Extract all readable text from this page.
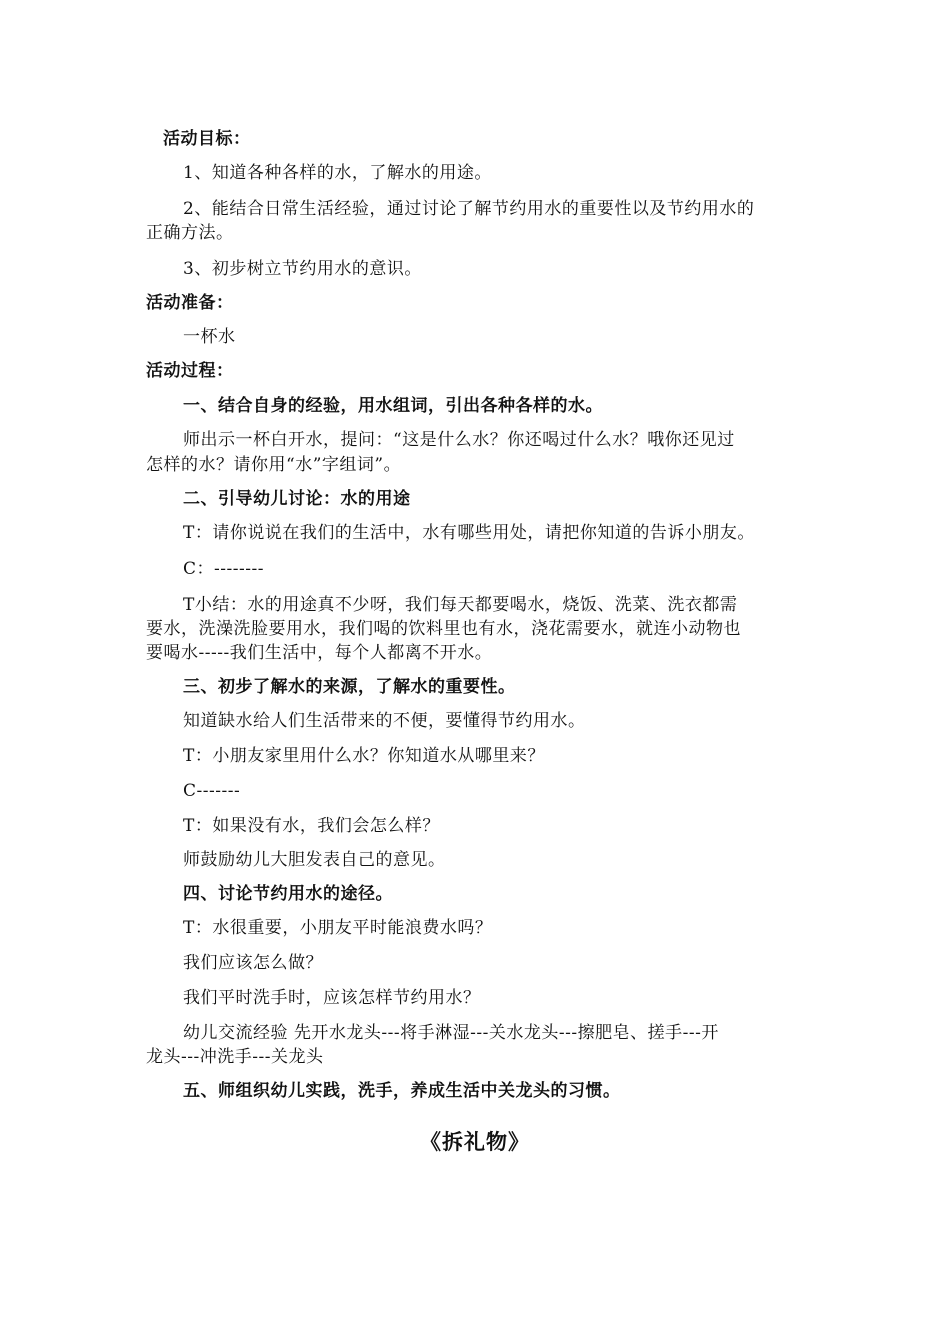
活动目标：
1、知道各种各样的水，了解水的用途。
2、能结合日常生活经验，通过讨论了解节约用水的重要性以及节约用水的
正确方法。
3、初步树立节约用水的意识。
活动准备：
一杯水
活动过程：
一、结合自身的经验，用水组词，引出各种各样的水。
师出示一杯白开水，提问：“这是什么水？你还喝过什么水？哦你还见过
怎样的水？请你用“水”字组词”。
二、引导幼儿讨论：水的用途
T：请你说说在我们的生活中，水有哪些用处，请把你知道的告诉小朋友。
C：--------
T小结：水的用途真不少呀，我们每天都要喝水，烧饭、洗菜、洗衣都需
要水，洗澡洗脸要用水，我们喝的饮料里也有水，浇花需要水，就连小动物也
要喝水-----我们生活中，每个人都离不开水。
三、初步了解水的来源，了解水的重要性。
知道缺水给人们生活带来的不便，要懂得节约用水。
T：小朋友家里用什么水？你知道水从哪里来？
C-------
T：如果没有水，我们会怎么样？
师鼓励幼儿大胆发表自己的意见。
四、讨论节约用水的途径。
T：水很重要，小朋友平时能浪费水吗？
我们应该怎么做？
我们平时洗手时，应该怎样节约用水？
幼儿交流经验 先开水龙头---将手淋湿---关水龙头---擦肥皂、搓手---开
龙头---冲洗手---关龙头
五、师组织幼儿实践，洗手，养成生活中关龙头的习惯。
《拆礼物》
